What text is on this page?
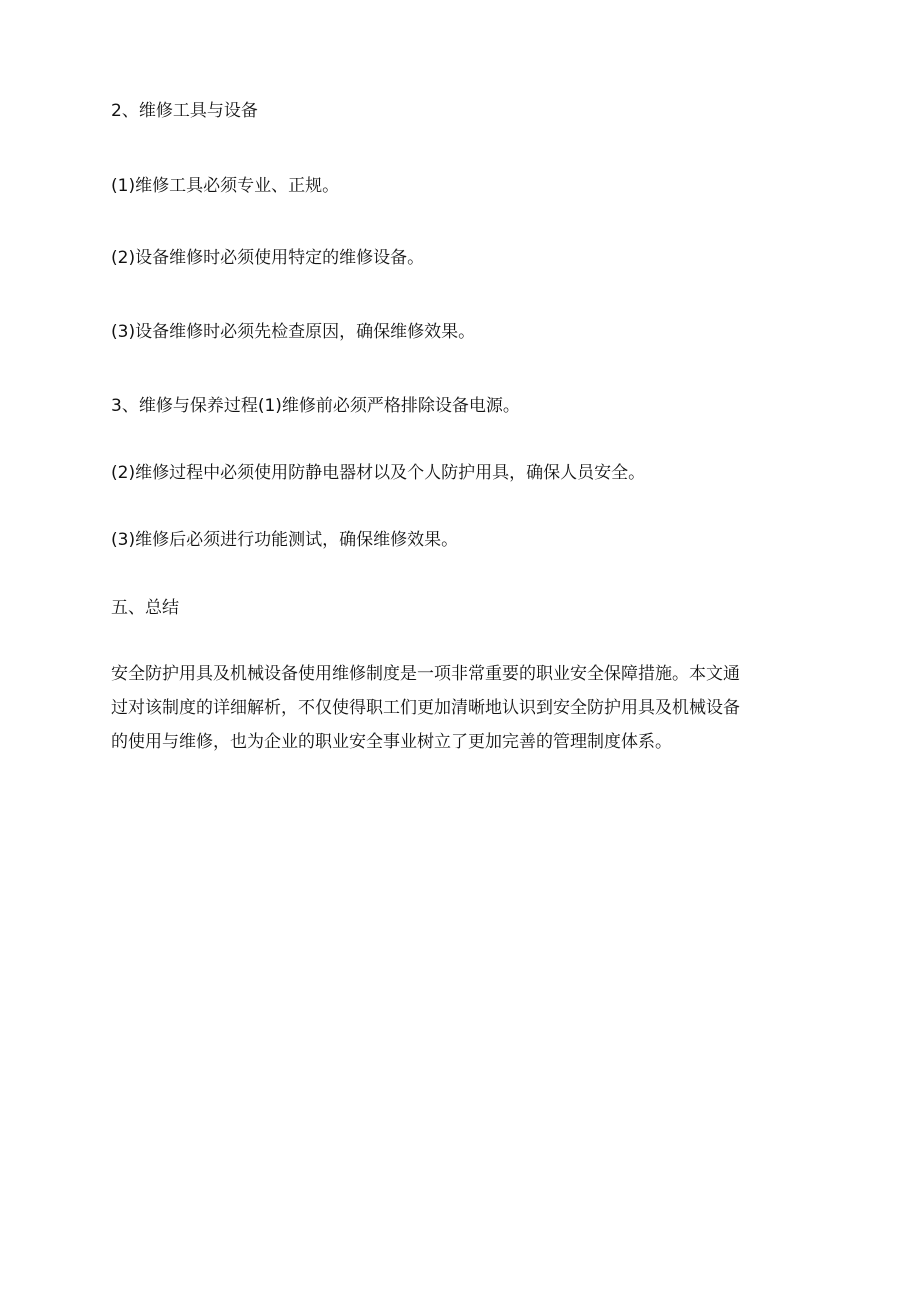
2、维修工具与设备

(1)维修工具必须专业、正规。

(2)设备维修时必须使用特定的维修设备。

(3)设备维修时必须先检查原因，确保维修效果。

3、维修与保养过程(1)维修前必须严格排除设备电源。

(2)维修过程中必须使用防静电器材以及个人防护用具，确保人员安全。

(3)维修后必须进行功能测试，确保维修效果。

五、总结

安全防护用具及机械设备使用维修制度是一项非常重要的职业安全保障措施。本文通
过对该制度的详细解析，不仅使得职工们更加清晰地认识到安全防护用具及机械设备
的使用与维修，也为企业的职业安全事业树立了更加完善的管理制度体系。
